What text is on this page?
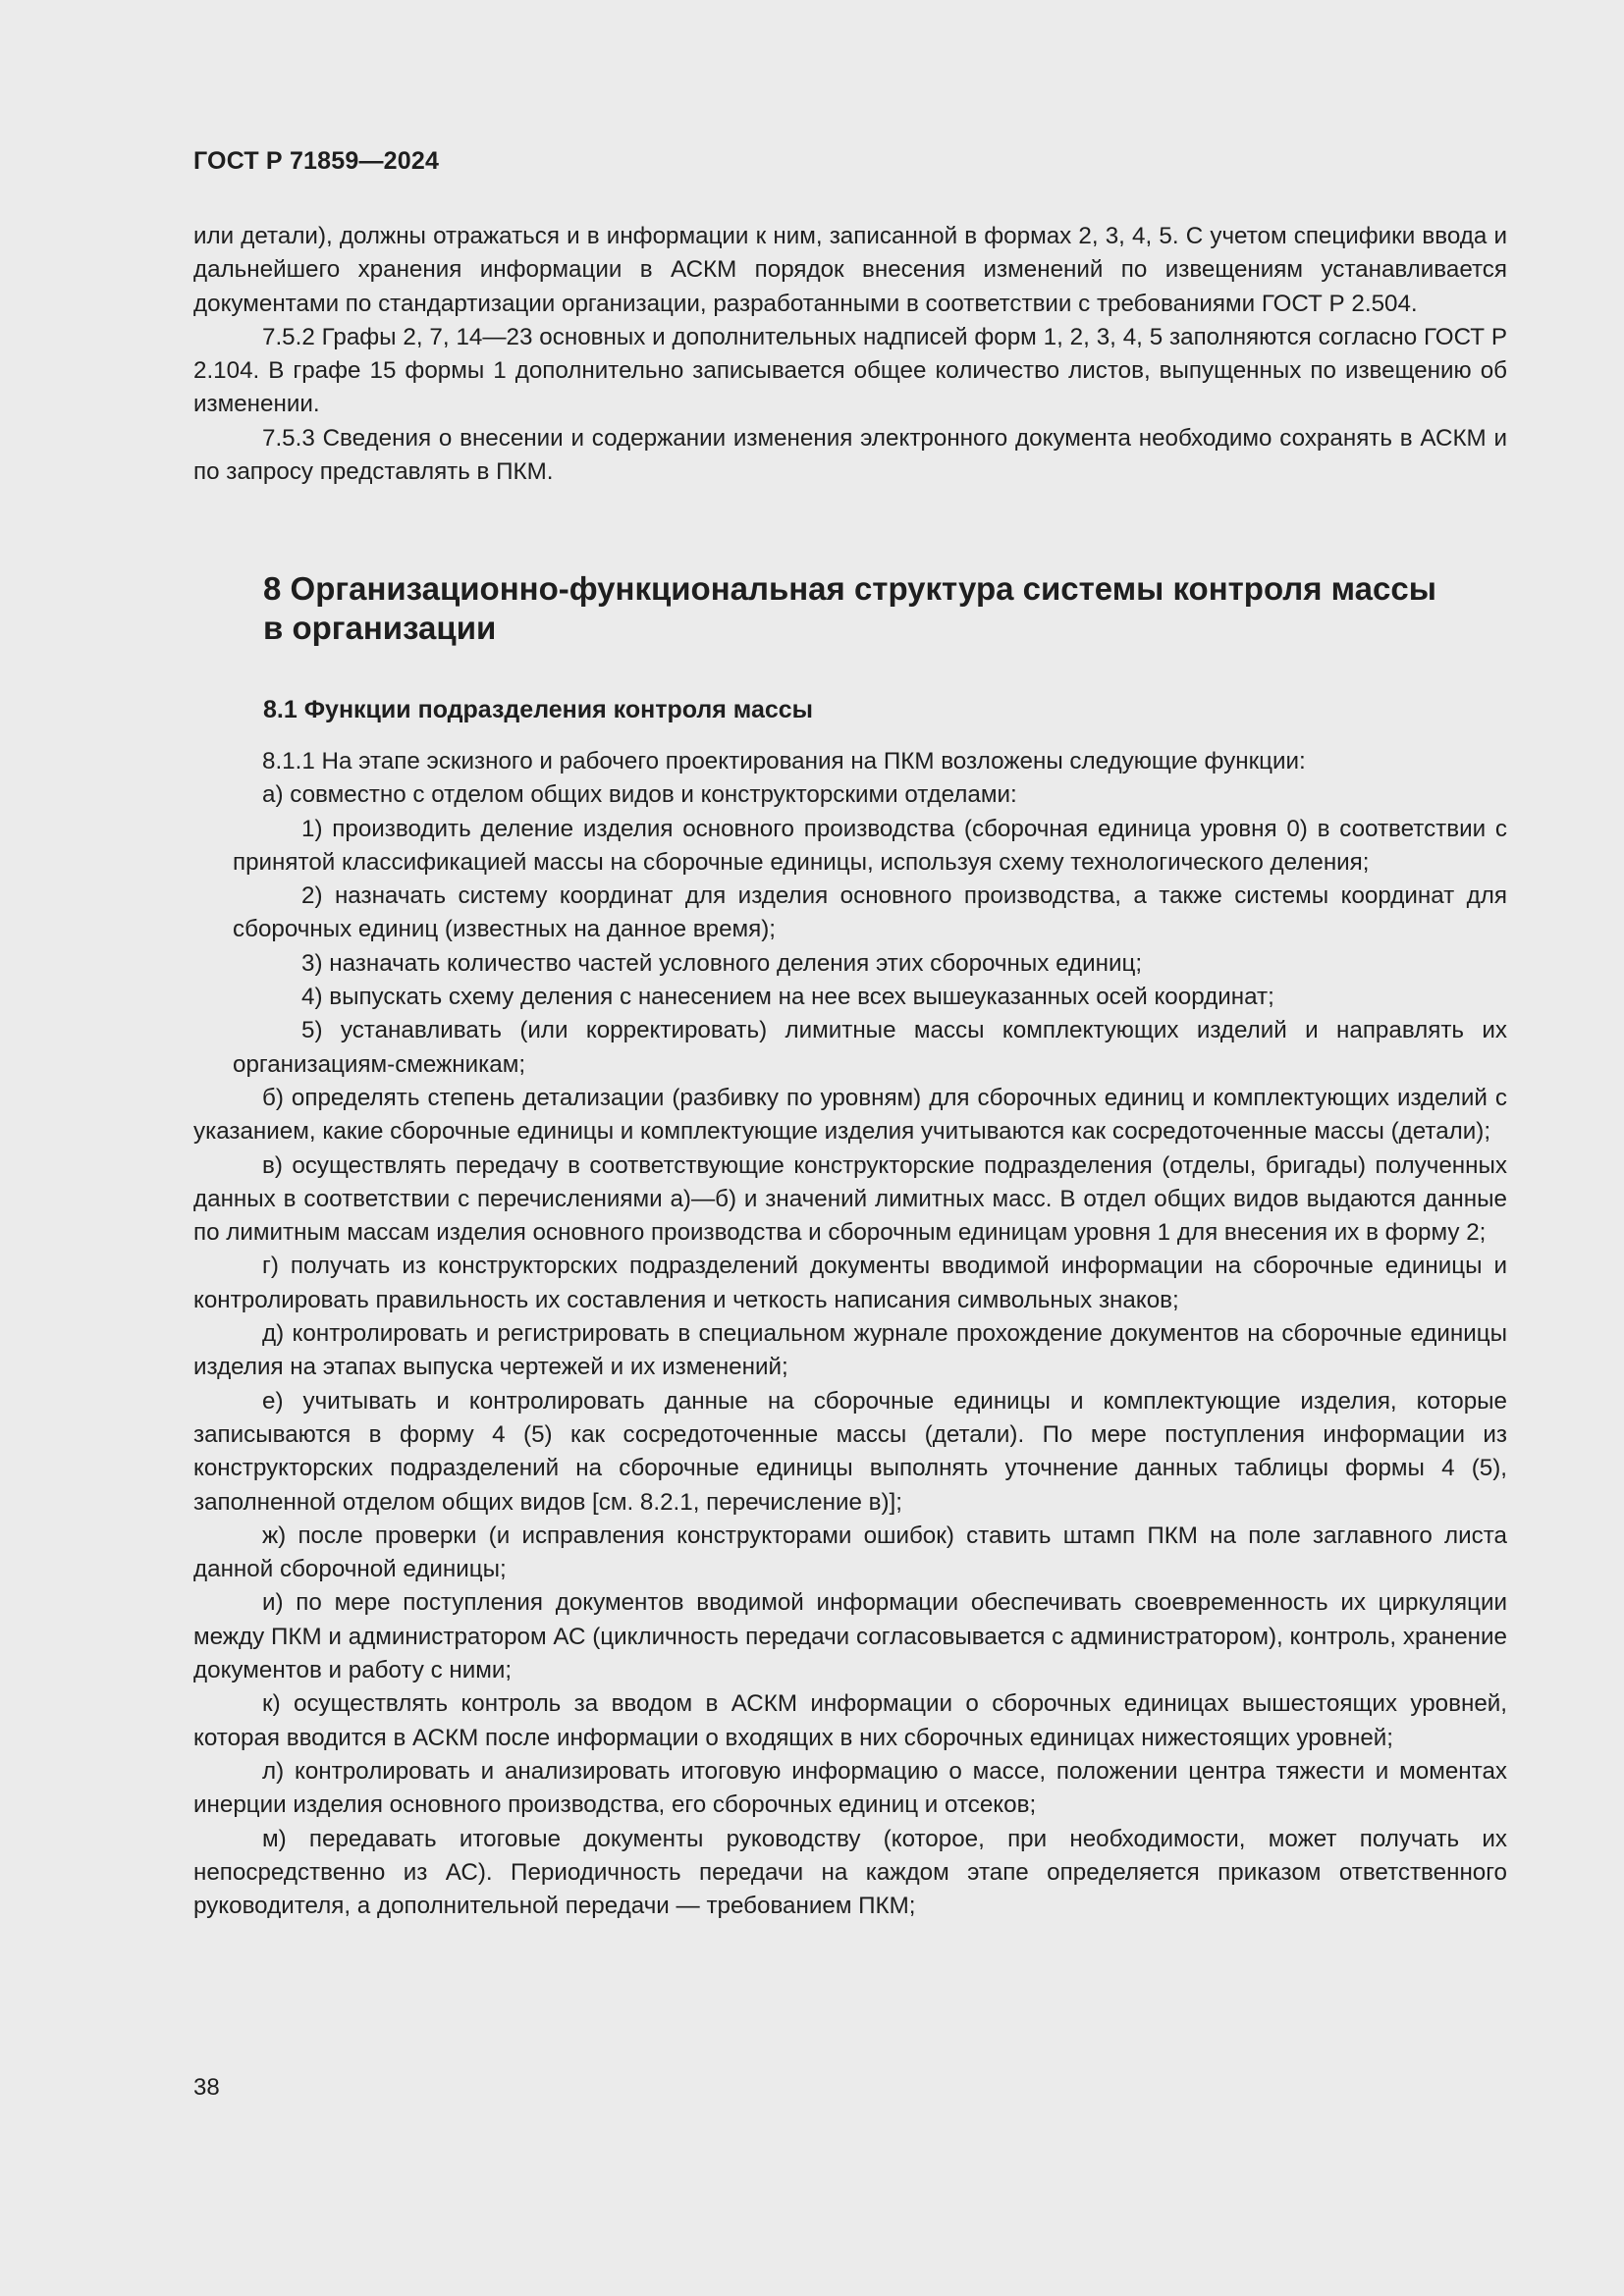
ГОСТ Р 71859—2024

или детали), должны отражаться и в информации к ним, записанной в формах 2, 3, 4, 5. С учетом специфики ввода и дальнейшего хранения информации в АСКМ порядок внесения изменений по извещениям устанавливается документами по стандартизации организации, разработанными в соответствии с требованиями ГОСТ Р 2.504.

7.5.2 Графы 2, 7, 14—23 основных и дополнительных надписей форм 1, 2, 3, 4, 5 заполняются согласно ГОСТ Р 2.104. В графе 15 формы 1 дополнительно записывается общее количество листов, выпущенных по извещению об изменении.

7.5.3 Сведения о внесении и содержании изменения электронного документа необходимо сохранять в АСКМ и по запросу представлять в ПКМ.

8 Организационно-функциональная структура системы контроля массы
в организации
8.1 Функции подразделения контроля массы

8.1.1 На этапе эскизного и рабочего проектирования на ПКМ возложены следующие функции:

а) совместно с отделом общих видов и конструкторскими отделами:

1) производить деление изделия основного производства (сборочная единица уровня 0) в соответствии с принятой классификацией массы на сборочные единицы, используя схему технологического деления;

2) назначать систему координат для изделия основного производства, а также системы координат для сборочных единиц (известных на данное время);

3) назначать количество частей условного деления этих сборочных единиц;

4) выпускать схему деления с нанесением на нее всех вышеуказанных осей координат;

5) устанавливать (или корректировать) лимитные массы комплектующих изделий и направлять их организациям-смежникам;

б) определять степень детализации (разбивку по уровням) для сборочных единиц и комплектующих изделий с указанием, какие сборочные единицы и комплектующие изделия учитываются как сосредоточенные массы (детали);

в) осуществлять передачу в соответствующие конструкторские подразделения (отделы, бригады) полученных данных в соответствии с перечислениями а)—б) и значений лимитных масс. В отдел общих видов выдаются данные по лимитным массам изделия основного производства и сборочным единицам уровня 1 для внесения их в форму 2;

г) получать из конструкторских подразделений документы вводимой информации на сборочные единицы и контролировать правильность их составления и четкость написания символьных знаков;

д) контролировать и регистрировать в специальном журнале прохождение документов на сборочные единицы изделия на этапах выпуска чертежей и их изменений;

е) учитывать и контролировать данные на сборочные единицы и комплектующие изделия, которые записываются в форму 4 (5) как сосредоточенные массы (детали). По мере поступления информации из конструкторских подразделений на сборочные единицы выполнять уточнение данных таблицы формы 4 (5), заполненной отделом общих видов [см. 8.2.1, перечисление в)];

ж) после проверки (и исправления конструкторами ошибок) ставить штамп ПКМ на поле заглавного листа данной сборочной единицы;

и) по мере поступления документов вводимой информации обеспечивать своевременность их циркуляции между ПКМ и администратором АС (цикличность передачи согласовывается с администратором), контроль, хранение документов и работу с ними;

к) осуществлять контроль за вводом в АСКМ информации о сборочных единицах вышестоящих уровней, которая вводится в АСКМ после информации о входящих в них сборочных единицах нижестоящих уровней;

л) контролировать и анализировать итоговую информацию о массе, положении центра тяжести и моментах инерции изделия основного производства, его сборочных единиц и отсеков;

м) передавать итоговые документы руководству (которое, при необходимости, может получать их непосредственно из АС). Периодичность передачи на каждом этапе определяется приказом ответственного руководителя, а дополнительной передачи — требованием ПКМ;

38
